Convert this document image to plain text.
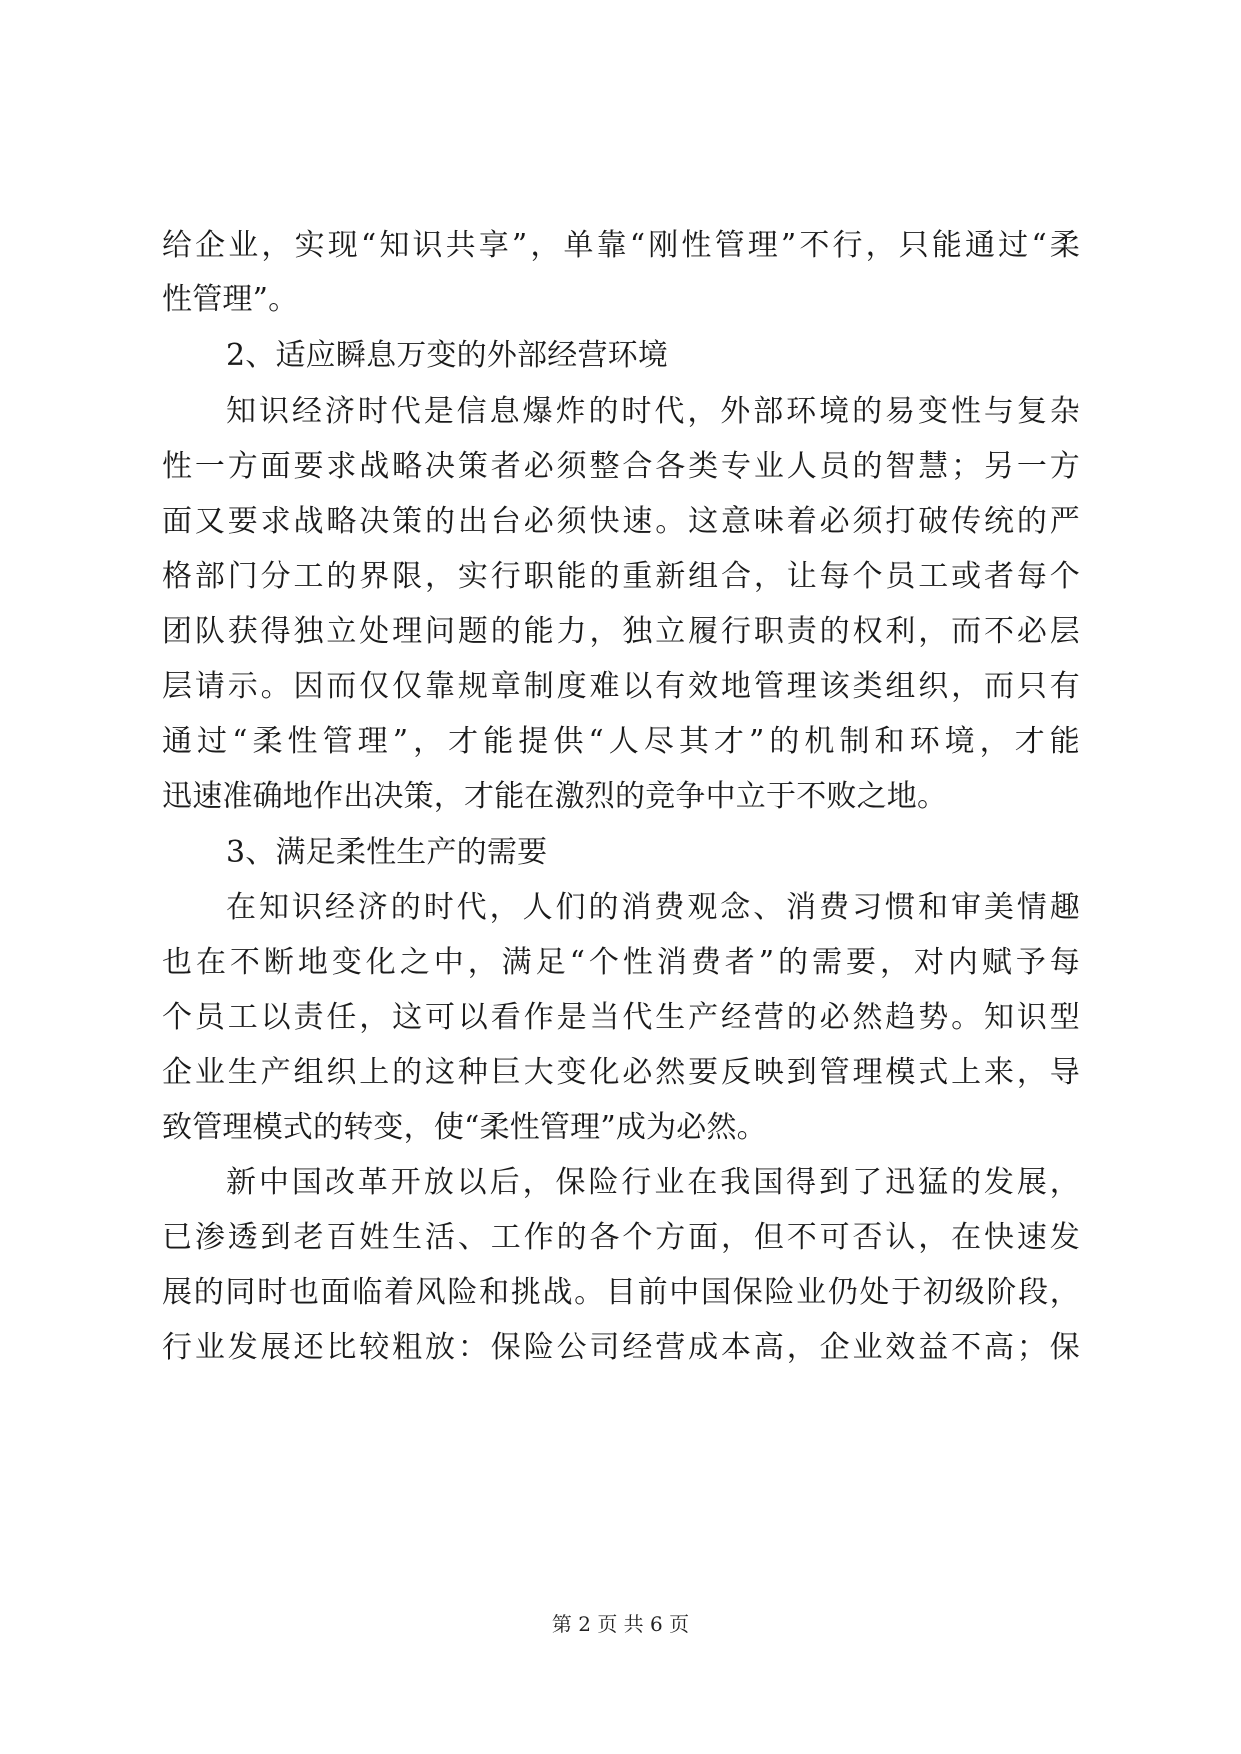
给企业，实现“知识共享”，单靠“刚性管理”不行，只能通过“柔
性管理”。
2、适应瞬息万变的外部经营环境
知识经济时代是信息爆炸的时代，外部环境的易变性与复杂
性一方面要求战略决策者必须整合各类专业人员的智慧；另一方
面又要求战略决策的出台必须快速。这意味着必须打破传统的严
格部门分工的界限，实行职能的重新组合，让每个员工或者每个
团队获得独立处理问题的能力，独立履行职责的权利，而不必层
层请示。因而仅仅靠规章制度难以有效地管理该类组织，而只有
通过“柔性管理”，才能提供“人尽其才”的机制和环境，才能
迅速准确地作出决策，才能在激烈的竞争中立于不败之地。
3、满足柔性生产的需要
在知识经济的时代，人们的消费观念、消费习惯和审美情趣
也在不断地变化之中，满足“个性消费者”的需要，对内赋予每
个员工以责任，这可以看作是当代生产经营的必然趋势。知识型
企业生产组织上的这种巨大变化必然要反映到管理模式上来，导
致管理模式的转变，使“柔性管理”成为必然。
新中国改革开放以后，保险行业在我国得到了迅猛的发展，
已渗透到老百姓生活、工作的各个方面，但不可否认，在快速发
展的同时也面临着风险和挑战。目前中国保险业仍处于初级阶段，
行业发展还比较粗放：保险公司经营成本高，企业效益不高；保
第 2 页 共 6 页
